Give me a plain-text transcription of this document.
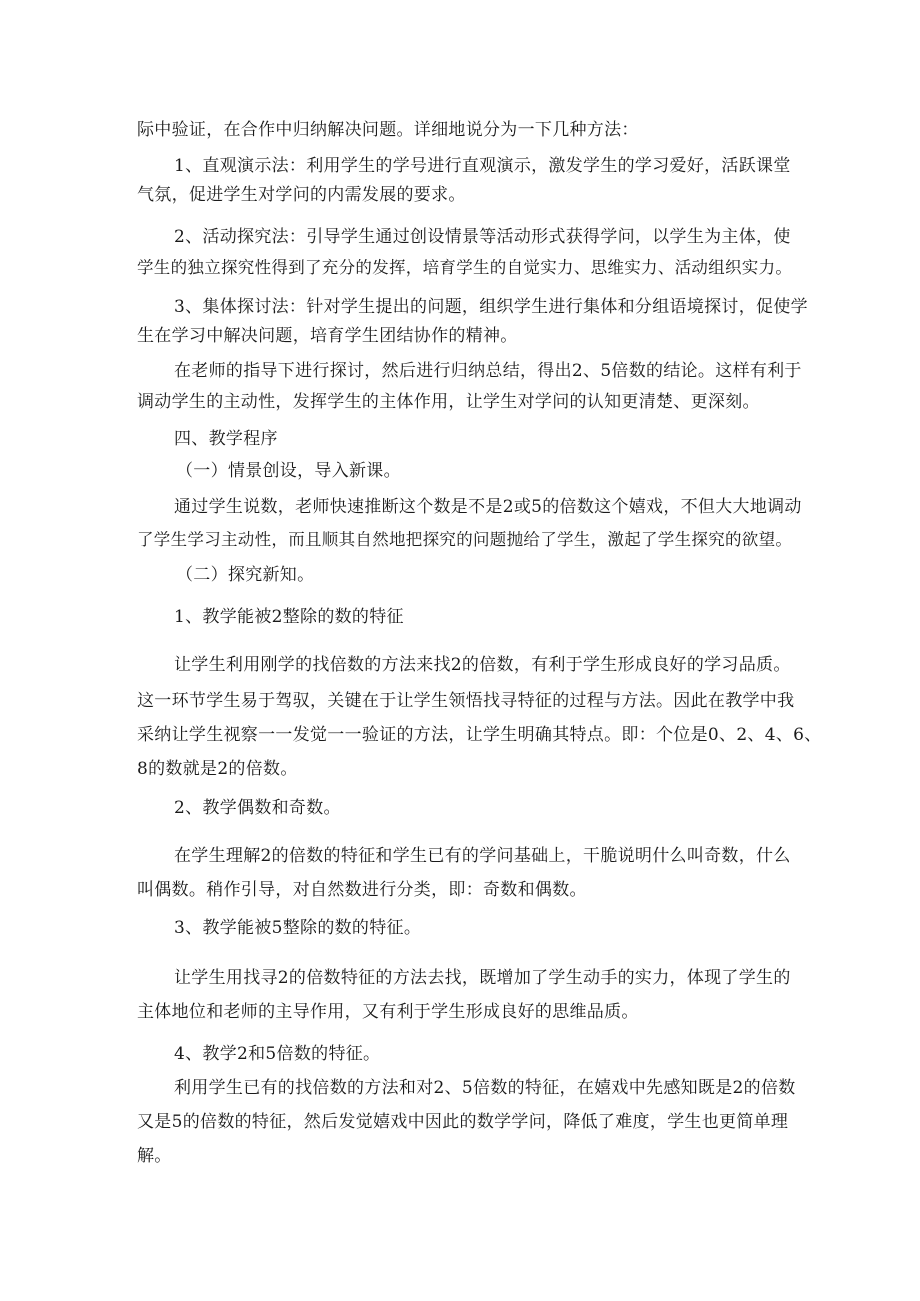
际中验证，在合作中归纳解决问题。详细地说分为一下几种方法：
1、直观演示法：利用学生的学号进行直观演示，激发学生的学习爱好，活跃课堂
气氛，促进学生对学问的内需发展的要求。
2、活动探究法：引导学生通过创设情景等活动形式获得学问，以学生为主体，使
学生的独立探究性得到了充分的发挥，培育学生的自觉实力、思维实力、活动组织实力。
3、集体探讨法：针对学生提出的问题，组织学生进行集体和分组语境探讨，促使学
生在学习中解决问题，培育学生团结协作的精神。
在老师的指导下进行探讨，然后进行归纳总结，得出2、5倍数的结论。这样有利于
调动学生的主动性，发挥学生的主体作用，让学生对学问的认知更清楚、更深刻。
四、教学程序
（一）情景创设，导入新课。
通过学生说数，老师快速推断这个数是不是2或5的倍数这个嬉戏，不但大大地调动
了学生学习主动性，而且顺其自然地把探究的问题抛给了学生，激起了学生探究的欲望。
（二）探究新知。
1、教学能被2整除的数的特征
让学生利用刚学的找倍数的方法来找2的倍数，有利于学生形成良好的学习品质。
这一环节学生易于驾驭，关键在于让学生领悟找寻特征的过程与方法。因此在教学中我
采纳让学生视察一一发觉一一验证的方法，让学生明确其特点。即：个位是0、2、4、6、
8的数就是2的倍数。
2、教学偶数和奇数。
在学生理解2的倍数的特征和学生已有的学问基础上，干脆说明什么叫奇数，什么
叫偶数。稍作引导，对自然数进行分类，即：奇数和偶数。
3、教学能被5整除的数的特征。
让学生用找寻2的倍数特征的方法去找，既增加了学生动手的实力，体现了学生的
主体地位和老师的主导作用，又有利于学生形成良好的思维品质。
4、教学2和5倍数的特征。
利用学生已有的找倍数的方法和对2、5倍数的特征，在嬉戏中先感知既是2的倍数
又是5的倍数的特征，然后发觉嬉戏中因此的数学学问，降低了难度，学生也更简单理
解。
